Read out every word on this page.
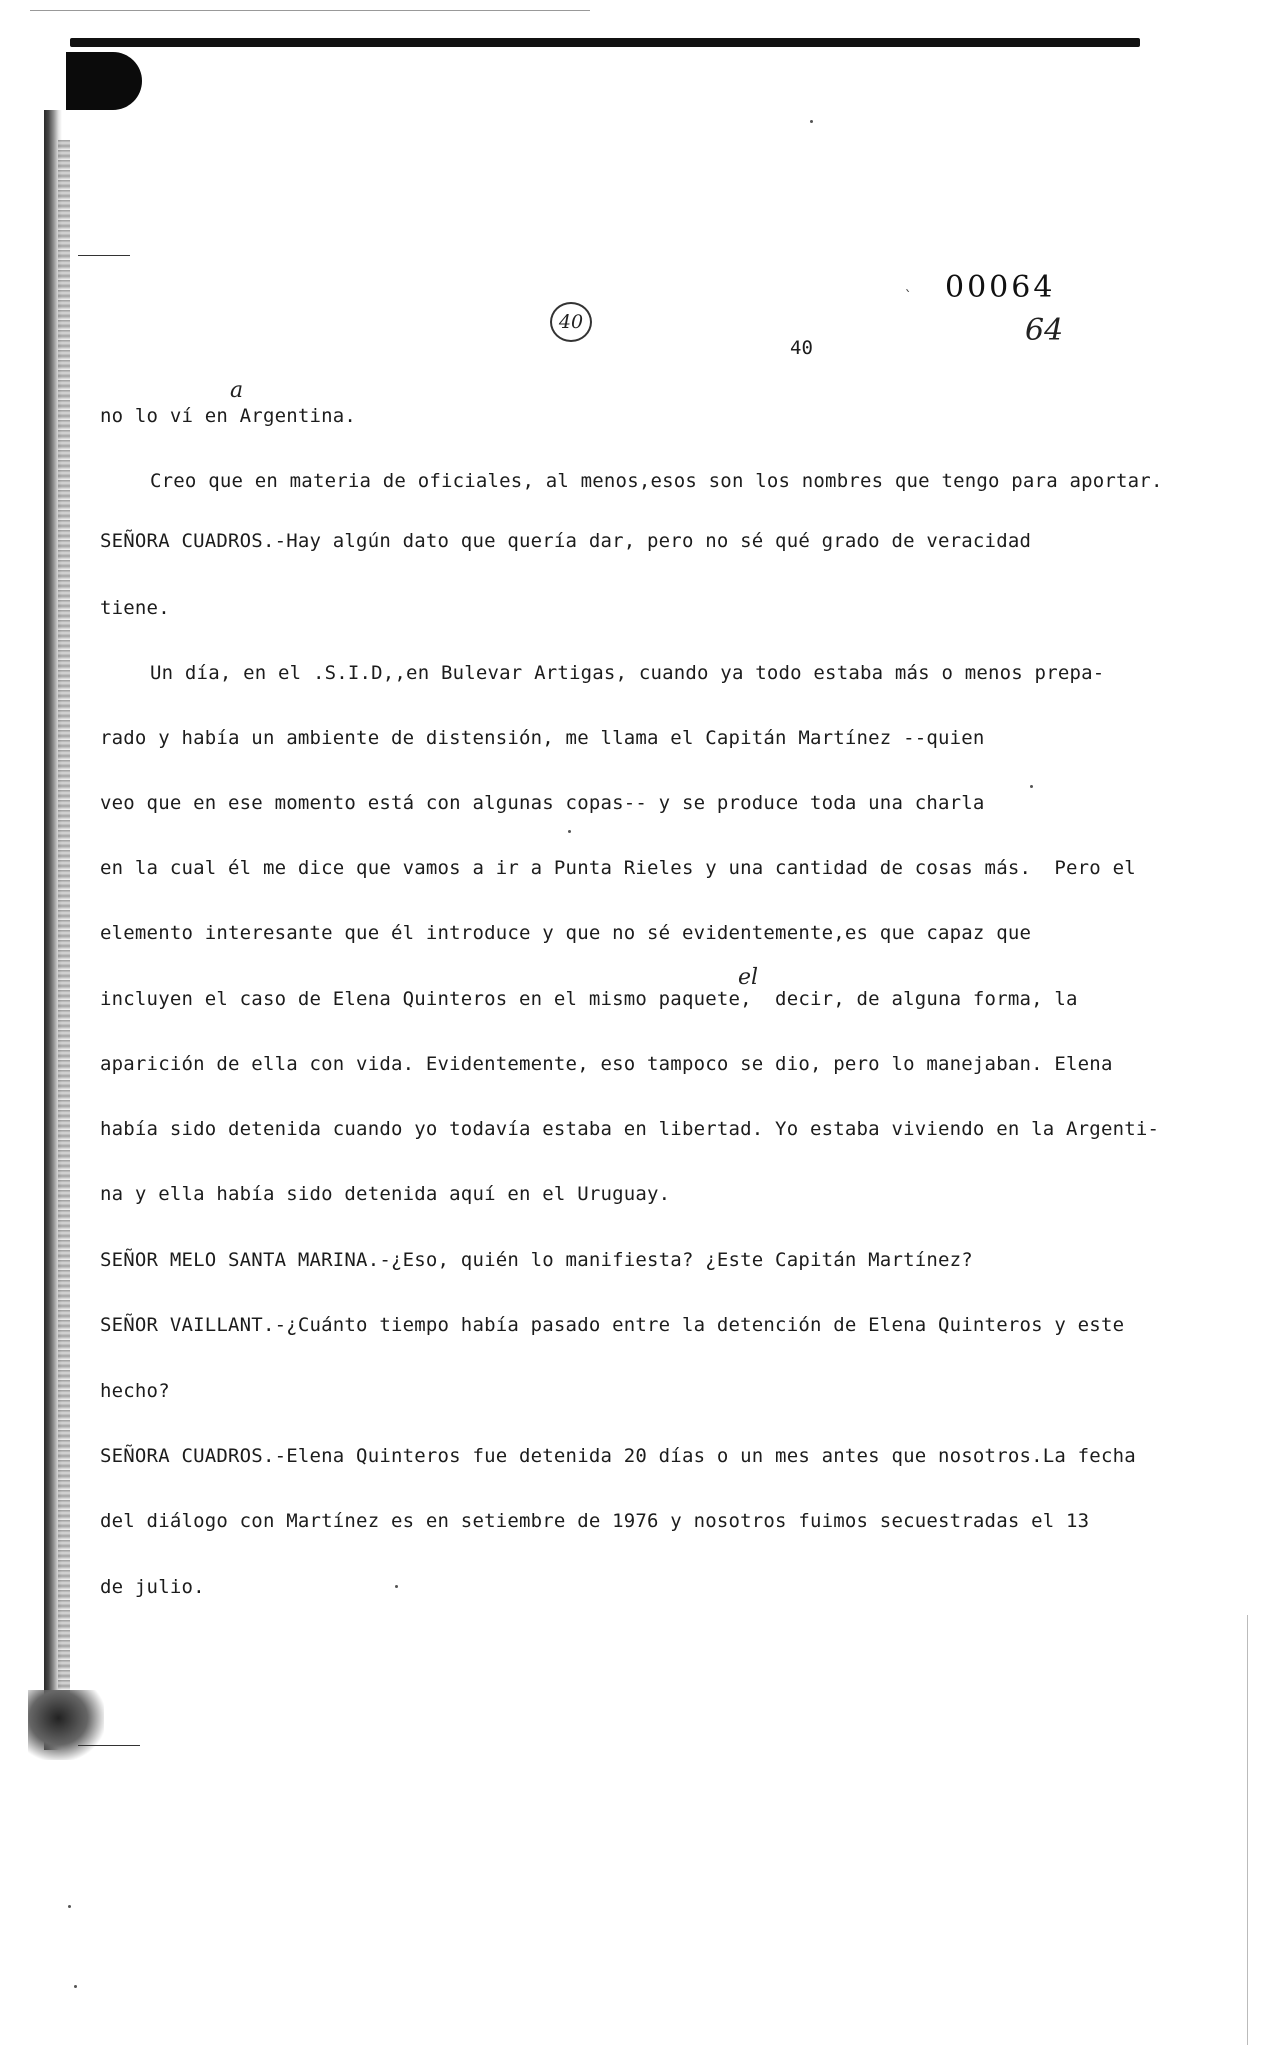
` 00064
64
40
40
a
el
no lo ví en Argentina.
Creo que en materia de oficiales, al menos,esos son los nombres que tengo para aportar.
SEÑORA CUADROS.-Hay algún dato que quería dar, pero no sé qué grado de veracidad
tiene.
Un día, en el .S.I.D,,en Bulevar Artigas, cuando ya todo estaba más o menos prepa-
rado y había un ambiente de distensión, me llama el Capitán Martínez --quien
veo que en ese momento está con algunas copas-- y se produce toda una charla
en la cual él me dice que vamos a ir a Punta Rieles y una cantidad de cosas más.  Pero el
elemento interesante que él introduce y que no sé evidentemente,es que capaz que
incluyen el caso de Elena Quinteros en el mismo paquete,  decir, de alguna forma, la
aparición de ella con vida. Evidentemente, eso tampoco se dio, pero lo manejaban. Elena
había sido detenida cuando yo todavía estaba en libertad. Yo estaba viviendo en la Argenti-
na y ella había sido detenida aquí en el Uruguay.
SEÑOR MELO SANTA MARINA.-¿Eso, quién lo manifiesta? ¿Este Capitán Martínez?
SEÑOR VAILLANT.-¿Cuánto tiempo había pasado entre la detención de Elena Quinteros y este
hecho?
SEÑORA CUADROS.-Elena Quinteros fue detenida 20 días o un mes antes que nosotros.La fecha
del diálogo con Martínez es en setiembre de 1976 y nosotros fuimos secuestradas el 13
de julio.
